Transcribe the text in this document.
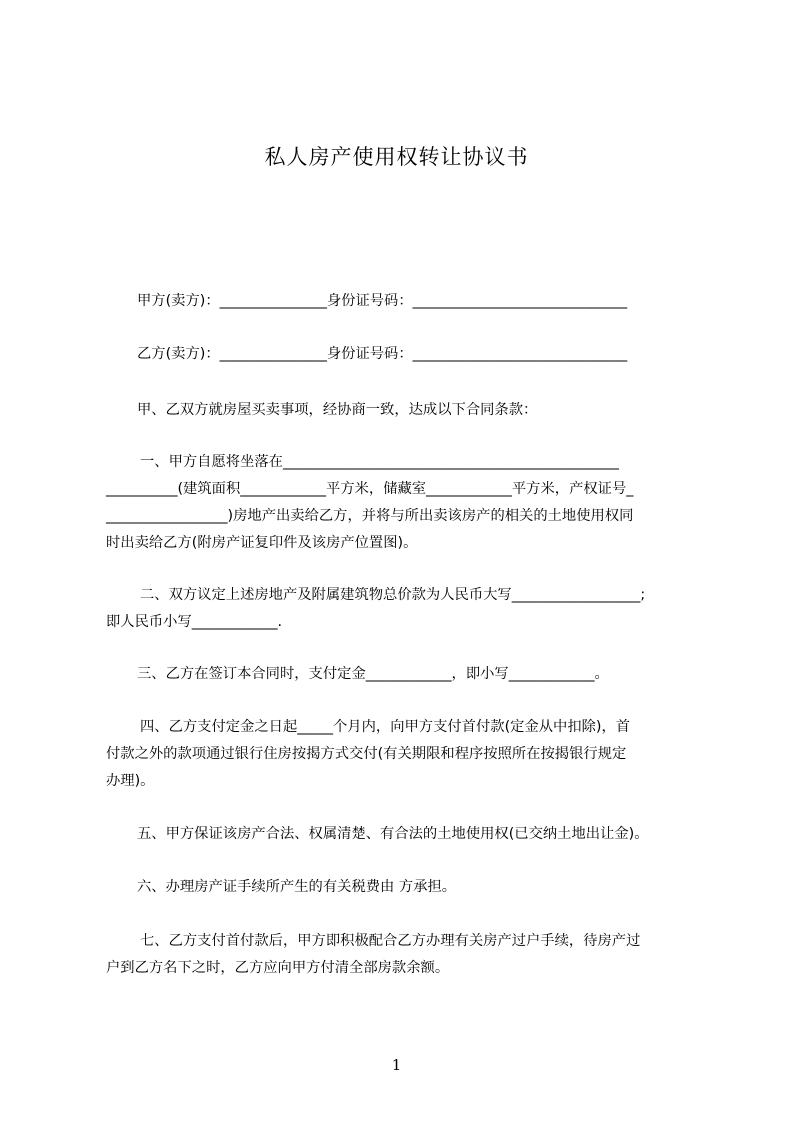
私人房产使用权转让协议书
甲方(卖方)：_______________身份证号码：______________________________
乙方(卖方)：_______________身份证号码：______________________________
甲、乙双方就房屋买卖事项，经协商一致，达成以下合同条款：
一、甲方自愿将坐落在_______________________________________________
__________(建筑面积____________平方米，储藏室____________平方米，产权证号_
_________________)房地产出卖给乙方，并将与所出卖该房产的相关的土地使用权同
时出卖给乙方(附房产证复印件及该房产位置图)。
二、双方议定上述房地产及附属建筑物总价款为人民币大写__________________;
即人民币小写____________.
三、乙方在签订本合同时，支付定金____________，即小写____________。
四、乙方支付定金之日起_____个月内，向甲方支付首付款(定金从中扣除)，首
付款之外的款项通过银行住房按揭方式交付(有关期限和程序按照所在按揭银行规定
办理)。
五、甲方保证该房产合法、权属清楚、有合法的土地使用权(已交纳土地出让金)。
六、办理房产证手续所产生的有关税费由 方承担。
七、乙方支付首付款后，甲方即积极配合乙方办理有关房产过户手续，待房产过
户到乙方名下之时，乙方应向甲方付清全部房款余额。
1
